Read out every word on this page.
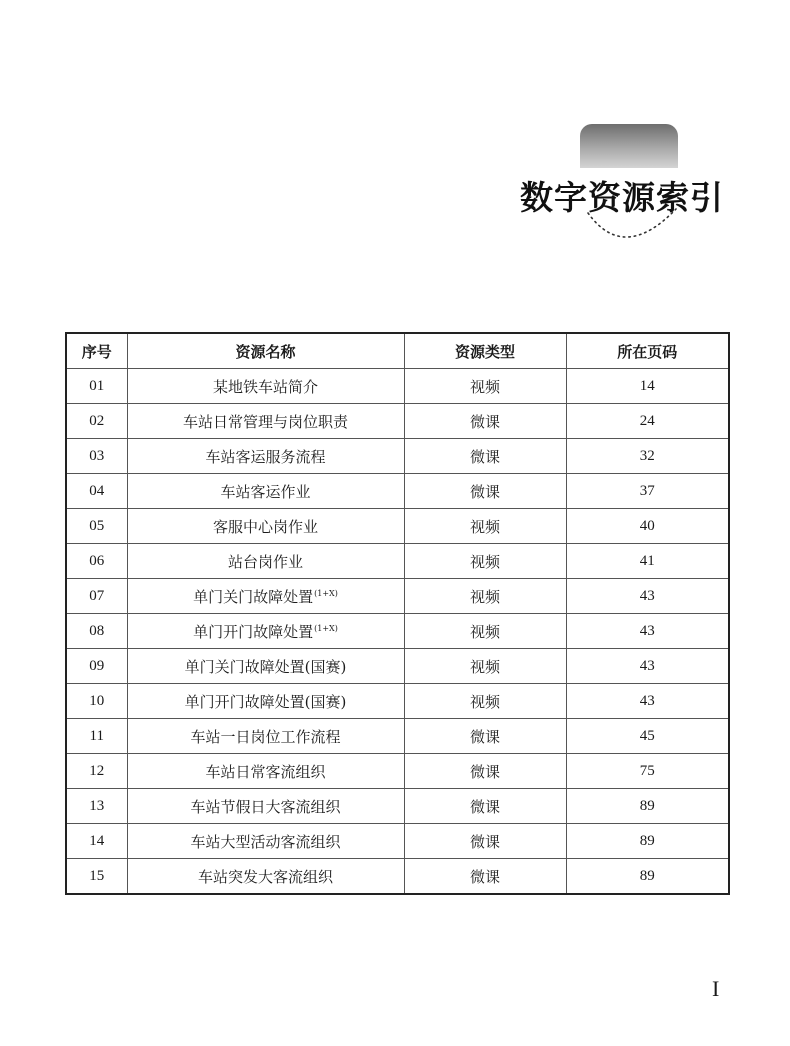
数字资源索引
序号	资源名称	资源类型	所在页码
01	某地铁车站简介	视频	14
02	车站日常管理与岗位职责	微课	24
03	车站客运服务流程	微课	32
04	车站客运作业	微课	37
05	客服中心岗作业	视频	40
06	站台岗作业	视频	41
07	单门关门故障处置$^{(1+X)}$	视频	43
08	单门开门故障处置$^{(1+X)}$	视频	43
09	单门关门故障处置(国赛)	视频	43
10	单门开门故障处置(国赛)	视频	43
11	车站一日岗位工作流程	微课	45
12	车站日常客流组织	微课	75
13	车站节假日大客流组织	微课	89
14	车站大型活动客流组织	微课	89
15	车站突发大客流组织	微课	89
I
